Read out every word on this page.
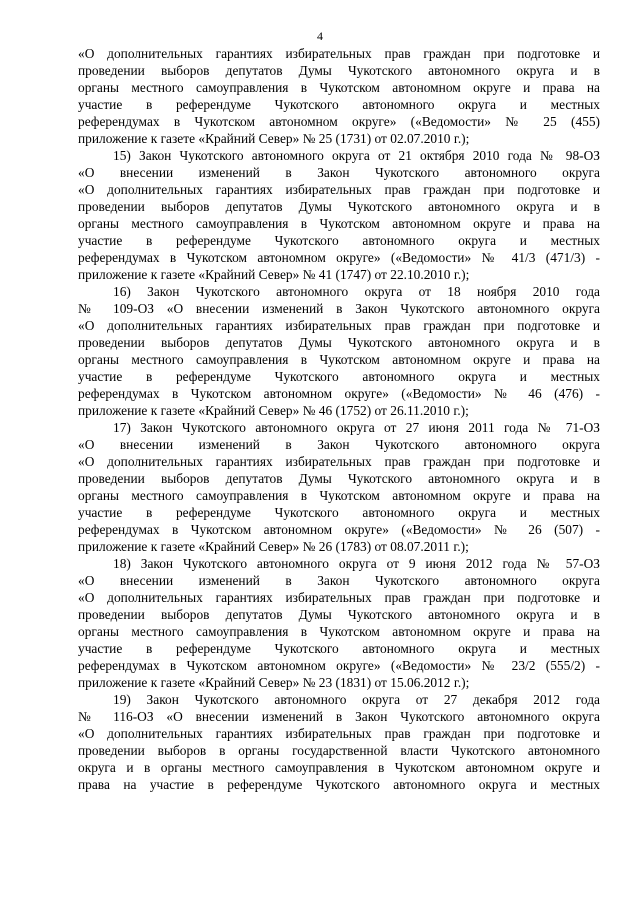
4
«О дополнительных гарантиях избирательных прав граждан при подготовке и
проведении выборов депутатов Думы Чукотского автономного округа и в
органы местного самоуправления в Чукотском автономном округе и права на
участие в референдуме Чукотского автономного округа и местных
референдумах в Чукотском автономном округе» («Ведомости» № 25 (455)
приложение к газете «Крайний Север» № 25 (1731) от 02.07.2010 г.);
15) Закон Чукотского автономного округа от 21 октября 2010 года № 98-ОЗ
«О внесении изменений в Закон Чукотского автономного округа
«О дополнительных гарантиях избирательных прав граждан при подготовке и
проведении выборов депутатов Думы Чукотского автономного округа и в
органы местного самоуправления в Чукотском автономном округе и права на
участие в референдуме Чукотского автономного округа и местных
референдумах в Чукотском автономном округе» («Ведомости» № 41/3 (471/3) -
приложение к газете «Крайний Север» № 41 (1747) от 22.10.2010 г.);
16) Закон Чукотского автономного округа от 18 ноября 2010 года
№ 109-ОЗ «О внесении изменений в Закон Чукотского автономного округа
«О дополнительных гарантиях избирательных прав граждан при подготовке и
проведении выборов депутатов Думы Чукотского автономного округа и в
органы местного самоуправления в Чукотском автономном округе и права на
участие в референдуме Чукотского автономного округа и местных
референдумах в Чукотском автономном округе» («Ведомости» № 46 (476) -
приложение к газете «Крайний Север» № 46 (1752) от 26.11.2010 г.);
17) Закон Чукотского автономного округа от 27 июня 2011 года № 71-ОЗ
«О внесении изменений в Закон Чукотского автономного округа
«О дополнительных гарантиях избирательных прав граждан при подготовке и
проведении выборов депутатов Думы Чукотского автономного округа и в
органы местного самоуправления в Чукотском автономном округе и права на
участие в референдуме Чукотского автономного округа и местных
референдумах в Чукотском автономном округе» («Ведомости» № 26 (507) -
приложение к газете «Крайний Север» № 26 (1783) от 08.07.2011 г.);
18) Закон Чукотского автономного округа от 9 июня 2012 года № 57-ОЗ
«О внесении изменений в Закон Чукотского автономного округа
«О дополнительных гарантиях избирательных прав граждан при подготовке и
проведении выборов депутатов Думы Чукотского автономного округа и в
органы местного самоуправления в Чукотском автономном округе и права на
участие в референдуме Чукотского автономного округа и местных
референдумах в Чукотском автономном округе» («Ведомости» № 23/2 (555/2) -
приложение к газете «Крайний Север» № 23 (1831) от 15.06.2012 г.);
19) Закон Чукотского автономного округа от 27 декабря 2012 года
№ 116-ОЗ «О внесении изменений в Закон Чукотского автономного округа
«О дополнительных гарантиях избирательных прав граждан при подготовке и
проведении выборов в органы государственной власти Чукотского автономного
округа и в органы местного самоуправления в Чукотском автономном округе и
права на участие в референдуме Чукотского автономного округа и местных
